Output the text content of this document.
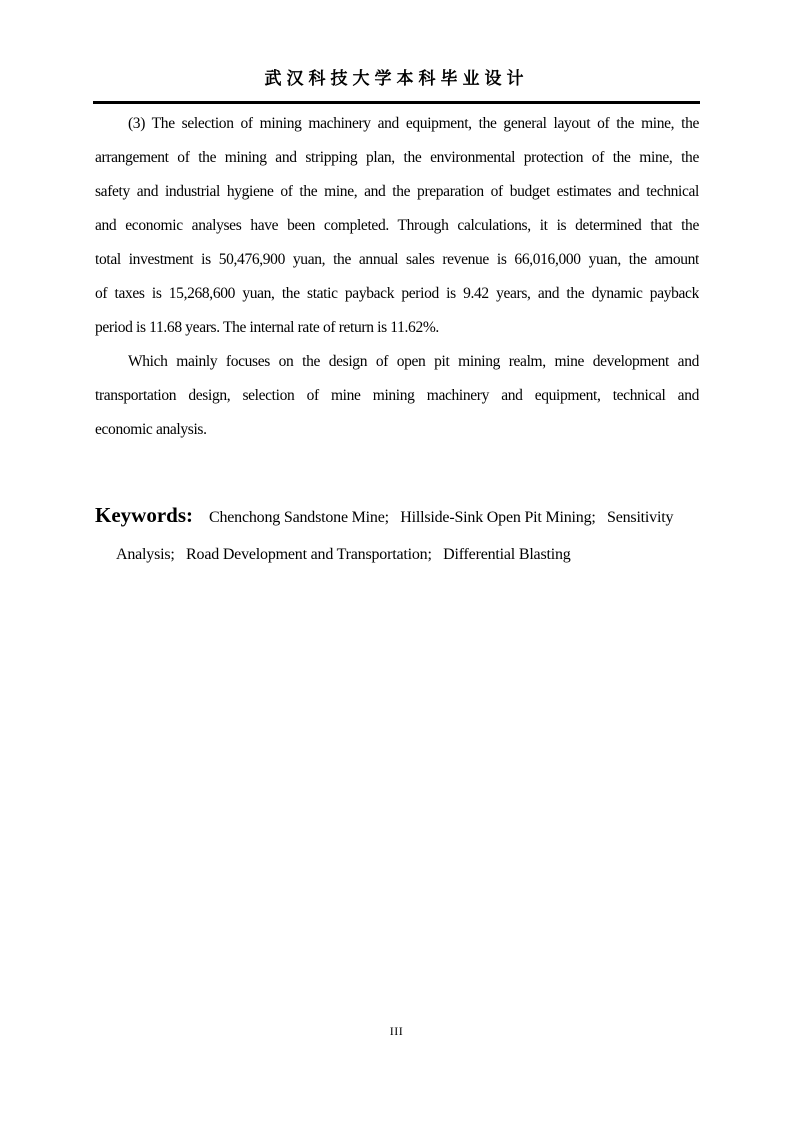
武汉科技大学本科毕业设计
(3) The selection of mining machinery and equipment, the general layout of the mine, the
arrangement of the mining and stripping plan, the environmental protection of the mine, the
safety and industrial hygiene of the mine, and the preparation of budget estimates and technical
and economic analyses have been completed. Through calculations, it is determined that the
total investment is 50,476,900 yuan, the annual sales revenue is 66,016,000 yuan, the amount
of taxes is 15,268,600 yuan, the static payback period is 9.42 years, and the dynamic payback
period is 11.68 years. The internal rate of return is 11.62%.
Which mainly focuses on the design of open pit mining realm, mine development and
transportation design, selection of mine mining machinery and equipment, technical and
economic analysis.
Keywords: Chenchong Sandstone Mine;   Hillside-Sink Open Pit Mining;   Sensitivity
Analysis;   Road Development and Transportation;   Differential Blasting
III
